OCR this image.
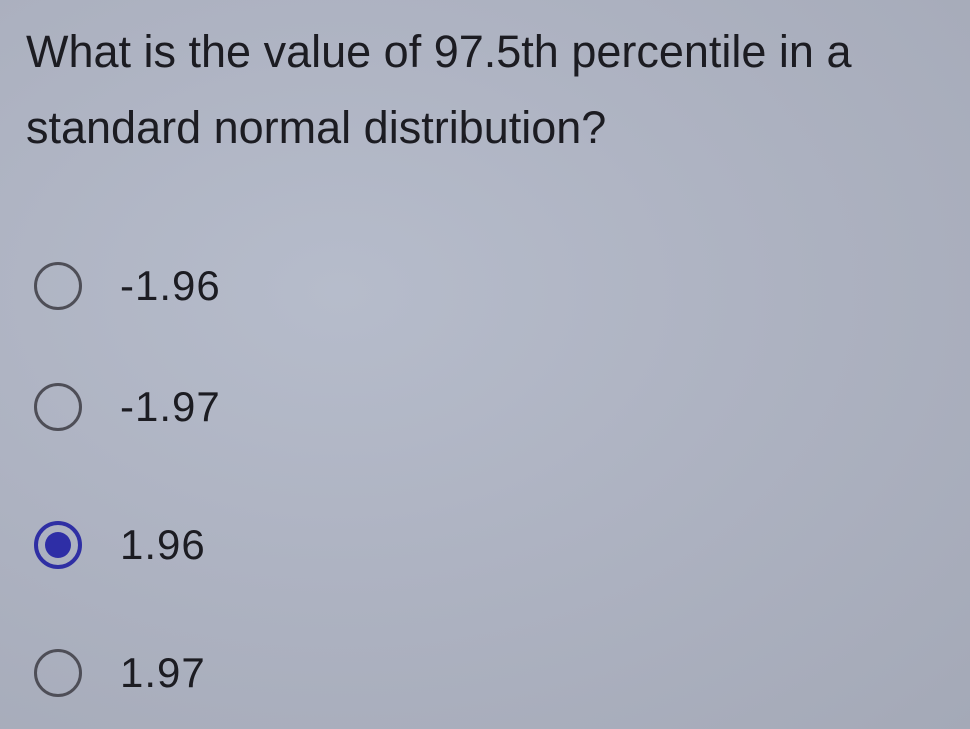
What is the value of 97.5th percentile in a standard normal distribution?
-1.96
-1.97
1.96
1.97
